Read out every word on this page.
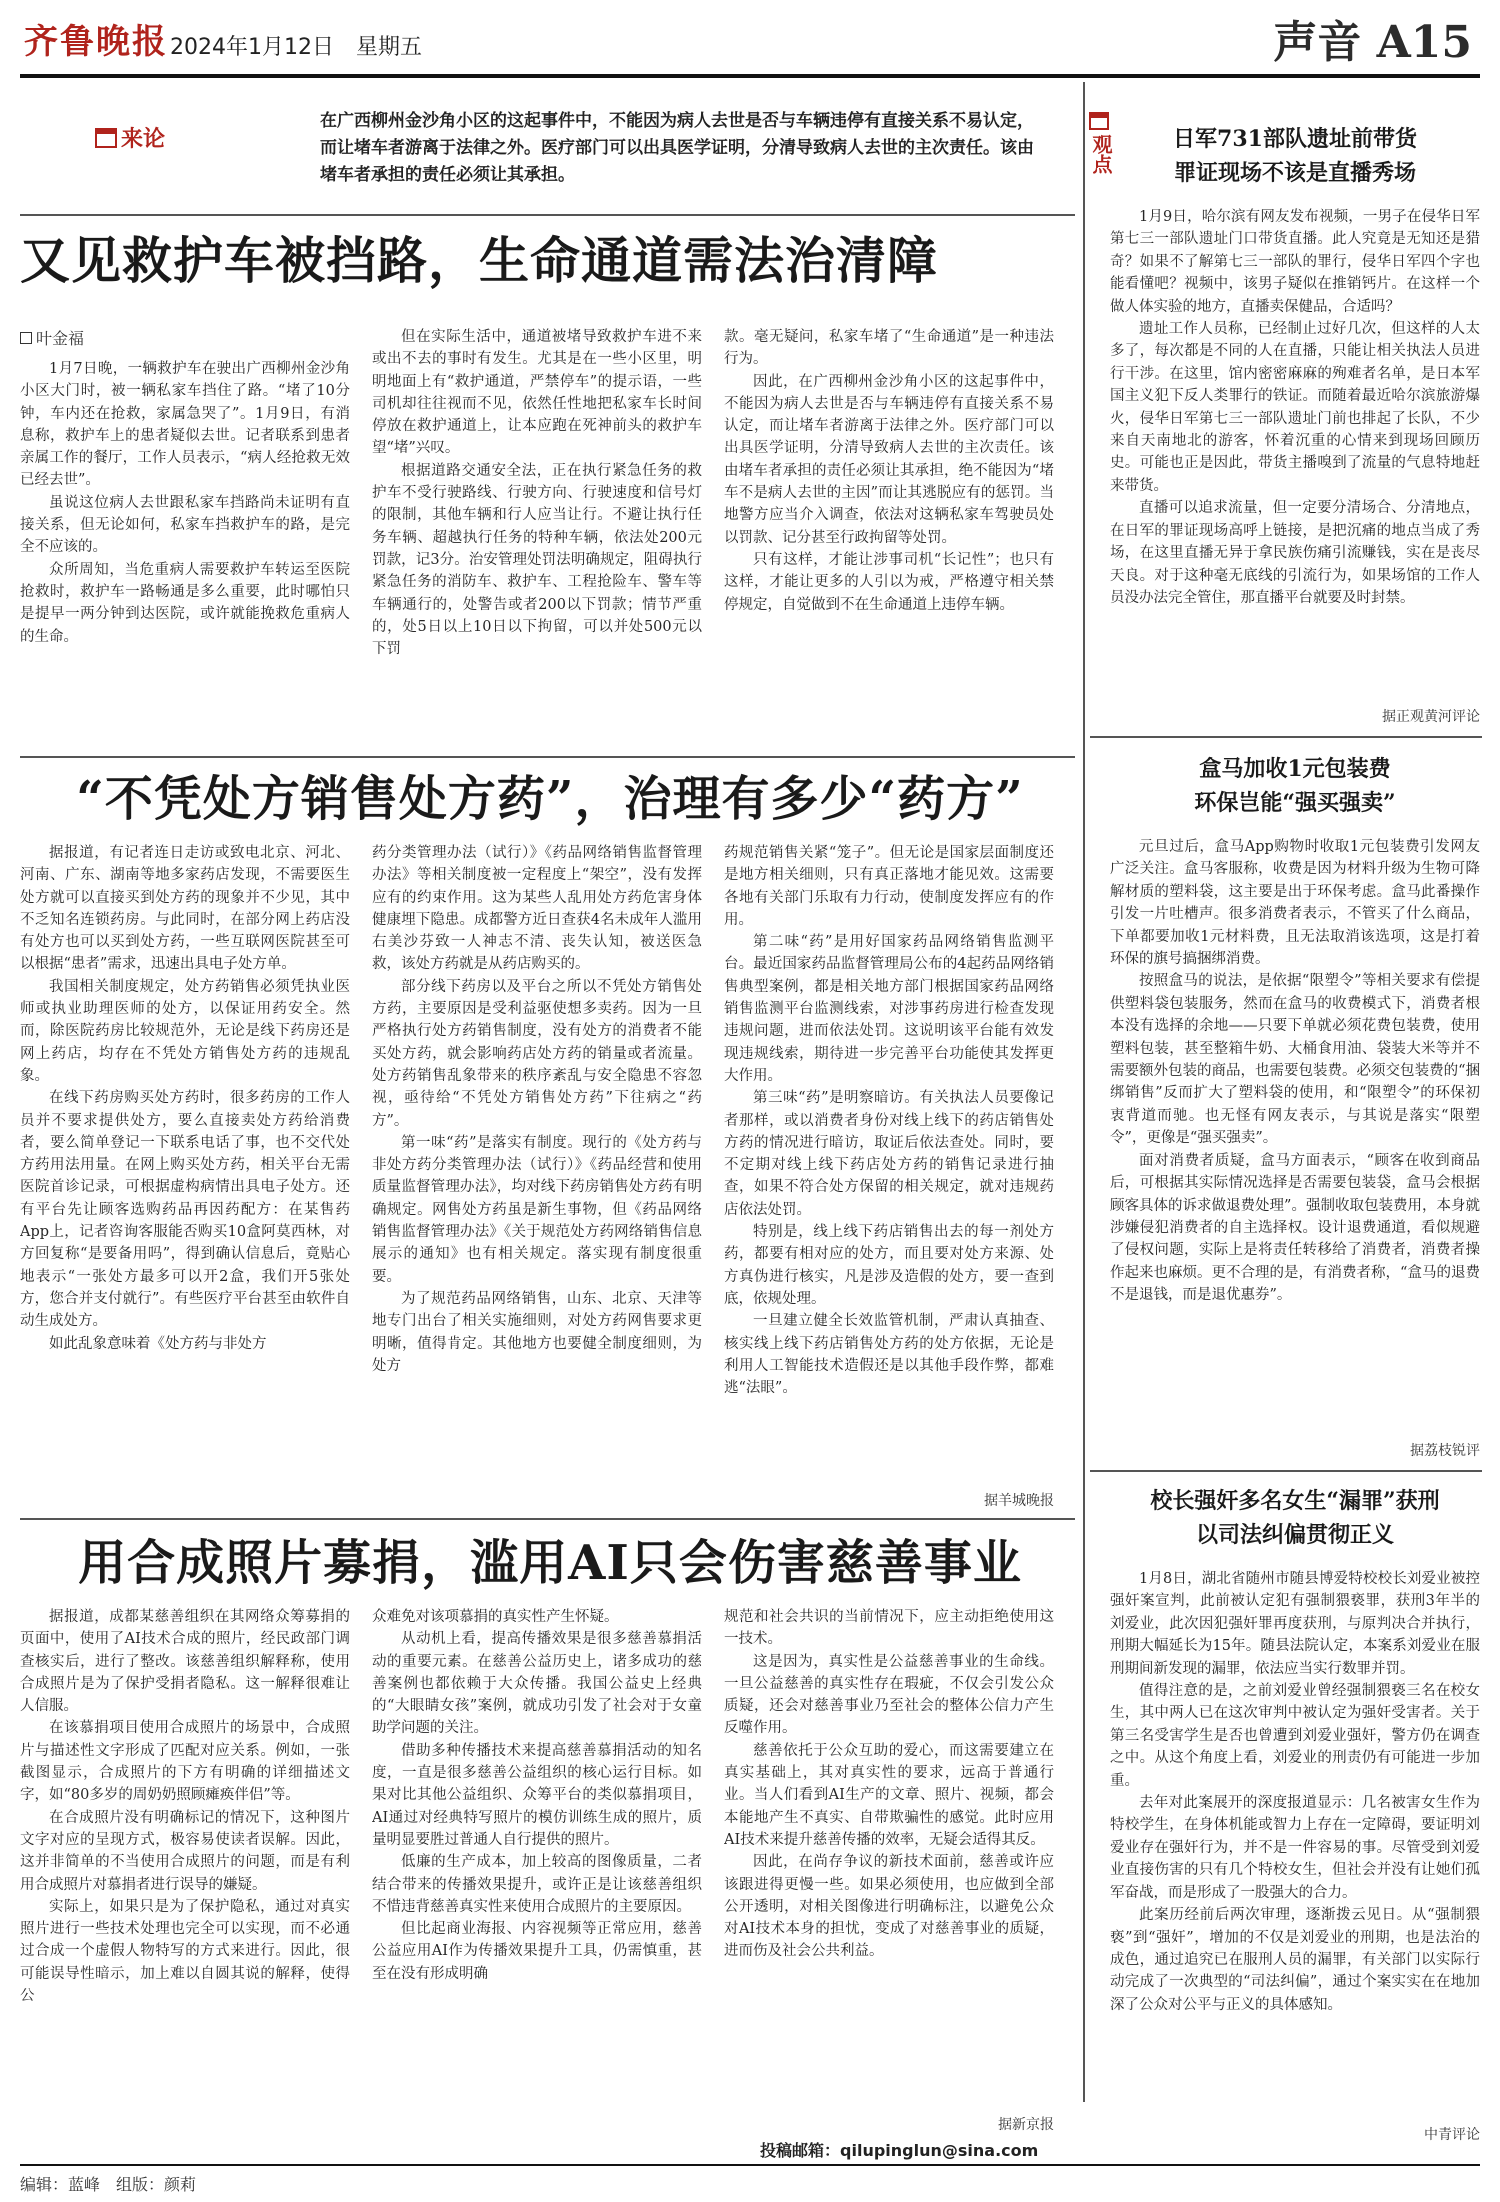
齐鲁晚报 2024年1月12日　 星期五	声音 A15
来论
在广西柳州金沙角小区的这起事件中，不能因为病人去世是否与车辆违停有直接关系不易认定，而让堵车者游离于法律之外。医疗部门可以出具医学证明，分清导致病人去世的主次责任。该由堵车者承担的责任必须让其承担。
又见救护车被挡路，生命通道需法治清障
叶金福

1月7日晚，一辆救护车在驶出广西柳州金沙角小区大门时，被一辆私家车挡住了路。“堵了10分钟，车内还在抢救，家属急哭了”。1月9日，有消息称，救护车上的患者疑似去世。记者联系到患者亲属工作的餐厅，工作人员表示，“病人经抢救无效已经去世”。

虽说这位病人去世跟私家车挡路尚未证明有直接关系，但无论如何，私家车挡救护车的路，是完全不应该的。

众所周知，当危重病人需要救护车转运至医院抢救时，救护车一路畅通是多么重要，此时哪怕只是提早一两分钟到达医院，或许就能挽救危重病人的生命。

但在实际生活中，通道被堵导致救护车进不来或出不去的事时有发生。尤其是在一些小区里，明明地面上有“救护通道，严禁停车”的提示语，一些司机却往往视而不见，依然任性地把私家车长时间停放在救护通道上，让本应跑在死神前头的救护车望“堵”兴叹。

根据道路交通安全法，正在执行紧急任务的救护车不受行驶路线、行驶方向、行驶速度和信号灯的限制，其他车辆和行人应当让行。不避让执行任务车辆、超越执行任务的特种车辆，依法处200元罚款，记3分。治安管理处罚法明确规定，阻碍执行紧急任务的消防车、救护车、工程抢险车、警车等车辆通行的，处警告或者200以下罚款；情节严重的，处5日以上10日以下拘留，可以并处500元以下罚

款。毫无疑问，私家车堵了“生命通道”是一种违法行为。

因此，在广西柳州金沙角小区的这起事件中，不能因为病人去世是否与车辆违停有直接关系不易认定，而让堵车者游离于法律之外。医疗部门可以出具医学证明，分清导致病人去世的主次责任。该由堵车者承担的责任必须让其承担，绝不能因为“堵车不是病人去世的主因”而让其逃脱应有的惩罚。当地警方应当介入调查，依法对这辆私家车驾驶员处以罚款、记分甚至行政拘留等处罚。

只有这样，才能让涉事司机“长记性”；也只有这样，才能让更多的人引以为戒，严格遵守相关禁停规定，自觉做到不在生命通道上违停车辆。

“不凭处方销售处方药”，治理有多少“药方”

据报道，有记者连日走访或致电北京、河北、河南、广东、湖南等地多家药店发现，不需要医生处方就可以直接买到处方药的现象并不少见，其中不乏知名连锁药房。与此同时，在部分网上药店没有处方也可以买到处方药，一些互联网医院甚至可以根据“患者”需求，迅速出具电子处方单。

我国相关制度规定，处方药销售必须凭执业医师或执业助理医师的处方，以保证用药安全。然而，除医院药房比较规范外，无论是线下药房还是网上药店，均存在不凭处方销售处方药的违规乱象。

在线下药房购买处方药时，很多药房的工作人员并不要求提供处方，要么直接卖处方药给消费者，要么简单登记一下联系电话了事，也不交代处方药用法用量。在网上购买处方药，相关平台无需医院首诊记录，可根据虚构病情出具电子处方。还有平台先让顾客选购药品再因药配方：在某售药App上，记者咨询客服能否购买10盒阿莫西林，对方回复称“是要备用吗”，得到确认信息后，竟贴心地表示“一张处方最多可以开2盒，我们开5张处方，您合并支付就行”。有些医疗平台甚至由软件自动生成处方。

如此乱象意味着《处方药与非处方

药分类管理办法（试行）》《药品网络销售监督管理办法》等相关制度被一定程度上“架空”，没有发挥应有的约束作用。这为某些人乱用处方药危害身体健康埋下隐患。成都警方近日查获4名未成年人滥用右美沙芬致一人神志不清、丧失认知，被送医急救，该处方药就是从药店购买的。

部分线下药房以及平台之所以不凭处方销售处方药，主要原因是受利益驱使想多卖药。因为一旦严格执行处方药销售制度，没有处方的消费者不能买处方药，就会影响药店处方药的销量或者流量。处方药销售乱象带来的秩序紊乱与安全隐患不容忽视，亟待给“不凭处方销售处方药”下往病之“药方”。

第一味“药”是落实有制度。现行的《处方药与非处方药分类管理办法（试行）》《药品经营和使用质量监督管理办法》，均对线下药房销售处方药有明确规定。网售处方药虽是新生事物，但《药品网络销售监督管理办法》《关于规范处方药网络销售信息展示的通知》也有相关规定。落实现有制度很重要。

为了规范药品网络销售，山东、北京、天津等地专门出台了相关实施细则，对处方药网售要求更明晰，值得肯定。其他地方也要健全制度细则，为处方

药规范销售关紧“笼子”。但无论是国家层面制度还是地方相关细则，只有真正落地才能见效。这需要各地有关部门乐取有力行动，使制度发挥应有的作用。

第二味“药”是用好国家药品网络销售监测平台。最近国家药品监督管理局公布的4起药品网络销售典型案例，都是相关地方部门根据国家药品网络销售监测平台监测线索，对涉事药房进行检查发现违规问题，进而依法处罚。这说明该平台能有效发现违规线索，期待进一步完善平台功能使其发挥更大作用。

第三味“药”是明察暗访。有关执法人员要像记者那样，或以消费者身份对线上线下的药店销售处方药的情况进行暗访，取证后依法查处。同时，要不定期对线上线下药店处方药的销售记录进行抽查，如果不符合处方保留的相关规定，就对违规药店依法处罚。

特别是，线上线下药店销售出去的每一剂处方药，都要有相对应的处方，而且要对处方来源、处方真伪进行核实，凡是涉及造假的处方，要一查到底，依规处理。

一旦建立健全长效监管机制，严肃认真抽查、核实线上线下药店销售处方药的处方依据，无论是利用人工智能技术造假还是以其他手段作弊，都难逃“法眼”。

据羊城晚报
用合成照片募捐，滥用AI只会伤害慈善事业

据报道，成都某慈善组织在其网络众筹募捐的页面中，使用了AI技术合成的照片，经民政部门调查核实后，进行了整改。该慈善组织解释称，使用合成照片是为了保护受捐者隐私。这一解释很难让人信服。

在该慕捐项目使用合成照片的场景中，合成照片与描述性文字形成了匹配对应关系。例如，一张截图显示，合成照片的下方有明确的详细描述文字，如“80多岁的周奶奶照顾瘫痪伴侣”等。

在合成照片没有明确标记的情况下，这种图片文字对应的呈现方式，极容易使读者误解。因此，这并非简单的不当使用合成照片的问题，而是有利用合成照片对慕捐者进行误导的嫌疑。

实际上，如果只是为了保护隐私，通过对真实照片进行一些技术处理也完全可以实现，而不必通过合成一个虚假人物特写的方式来进行。因此，很可能误导性暗示，加上难以自圆其说的解释，使得公

众难免对该项慕捐的真实性产生怀疑。

从动机上看，提高传播效果是很多慈善慕捐活动的重要元素。在慈善公益历史上，诸多成功的慈善案例也都依赖于大众传播。我国公益史上经典的“大眼睛女孩”案例，就成功引发了社会对于女童助学问题的关注。

借助多种传播技术来提高慈善慕捐活动的知名度，一直是很多慈善公益组织的核心运行目标。如果对比其他公益组织、众筹平台的类似慕捐项目，AI通过对经典特写照片的模仿训练生成的照片，质量明显要胜过普通人自行提供的照片。

低廉的生产成本，加上较高的图像质量，二者结合带来的传播效果提升，或许正是让该慈善组织不惜违背慈善真实性来使用合成照片的主要原因。

但比起商业海报、内容视频等正常应用，慈善公益应用AI作为传播效果提升工具，仍需慎重，甚至在没有形成明确

规范和社会共识的当前情况下，应主动拒绝使用这一技术。

这是因为，真实性是公益慈善事业的生命线。一旦公益慈善的真实性存在瑕疵，不仅会引发公众质疑，还会对慈善事业乃至社会的整体公信力产生反噬作用。

慈善依托于公众互助的爱心，而这需要建立在真实基础上，其对真实性的要求，远高于普通行业。当人们看到AI生产的文章、照片、视频，都会本能地产生不真实、自带欺骗性的感觉。此时应用AI技术来提升慈善传播的效率，无疑会适得其反。

因此，在尚存争议的新技术面前，慈善或许应该跟进得更慢一些。如果必须使用，也应做到全部公开透明，对相关图像进行明确标注，以避免公众对AI技术本身的担忧，变成了对慈善事业的质疑，进而伤及社会公共利益。

据新京报
投稿邮箱：qilupinglun@sina.com
观点	日军731部队遗址前带货
罪证现场不该是直播秀场

1月9日，哈尔滨有网友发布视频，一男子在侵华日军第七三一部队遗址门口带货直播。此人究竟是无知还是猎奇？如果不了解第七三一部队的罪行，侵华日军四个字也能看懂吧？视频中，该男子疑似在推销钙片。在这样一个做人体实验的地方，直播卖保健品，合适吗？

遗址工作人员称，已经制止过好几次，但这样的人太多了，每次都是不同的人在直播，只能让相关执法人员进行干涉。在这里，馆内密密麻麻的殉难者名单，是日本军国主义犯下反人类罪行的铁证。而随着最近哈尔滨旅游爆火，侵华日军第七三一部队遗址门前也排起了长队，不少来自天南地北的游客，怀着沉重的心情来到现场回顾历史。可能也正是因此，带货主播嗅到了流量的气息特地赶来带货。

直播可以追求流量，但一定要分清场合、分清地点，在日军的罪证现场高呼上链接，是把沉痛的地点当成了秀场，在这里直播无异于拿民族伤痛引流赚钱，实在是丧尽天良。对于这种毫无底线的引流行为，如果场馆的工作人员没办法完全管住，那直播平台就要及时封禁。

据正观黄河评论
盒马加收1元包装费
环保岂能“强买强卖”

元旦过后，盒马App购物时收取1元包装费引发网友广泛关注。盒马客服称，收费是因为材料升级为生物可降解材质的塑料袋，这主要是出于环保考虑。盒马此番操作引发一片吐槽声。很多消费者表示，不管买了什么商品，下单都要加收1元材料费，且无法取消该选项，这是打着环保的旗号搞捆绑消费。

按照盒马的说法，是依据“限塑令”等相关要求有偿提供塑料袋包装服务，然而在盒马的收费模式下，消费者根本没有选择的余地——只要下单就必须花费包装费，使用塑料包装，甚至整箱牛奶、大桶食用油、袋装大米等并不需要额外包装的商品，也需要包装费。必须交包装费的“捆绑销售”反而扩大了塑料袋的使用，和“限塑令”的环保初衷背道而驰。也无怪有网友表示，与其说是落实“限塑令”，更像是“强买强卖”。

面对消费者质疑，盒马方面表示，“顾客在收到商品后，可根据其实际情况选择是否需要包装袋，盒马会根据顾客具体的诉求做退费处理”。强制收取包装费用，本身就涉嫌侵犯消费者的自主选择权。设计退费通道，看似规避了侵权问题，实际上是将责任转移给了消费者，消费者操作起来也麻烦。更不合理的是，有消费者称，“盒马的退费不是退钱，而是退优惠券”。

据荔枝锐评
校长强奸多名女生“漏罪”获刑
以司法纠偏贯彻正义

1月8日，湖北省随州市随县博爱特校校长刘爱业被控强奸案宣判，此前被认定犯有强制猥亵罪，获刑3年半的刘爱业，此次因犯强奸罪再度获刑，与原判决合并执行，刑期大幅延长为15年。随县法院认定，本案系刘爱业在服刑期间新发现的漏罪，依法应当实行数罪并罚。

值得注意的是，之前刘爱业曾经强制猥亵三名在校女生，其中两人已在这次审判中被认定为强奸受害者。关于第三名受害学生是否也曾遭到刘爱业强奸，警方仍在调查之中。从这个角度上看，刘爱业的刑责仍有可能进一步加重。

去年对此案展开的深度报道显示：几名被害女生作为特校学生，在身体机能或智力上存在一定障碍，要证明刘爱业存在强奸行为，并不是一件容易的事。尽管受到刘爱业直接伤害的只有几个特校女生，但社会并没有让她们孤军奋战，而是形成了一股强大的合力。

此案历经前后两次审理，逐渐拨云见日。从“强制猥亵”到“强奸”，增加的不仅是刘爱业的刑期，也是法治的成色，通过追究已在服刑人员的漏罪，有关部门以实际行动完成了一次典型的“司法纠偏”，通过个案实实在在地加深了公众对公平与正义的具体感知。

中青评论
编辑：蓝峰　 组版：颜莉
